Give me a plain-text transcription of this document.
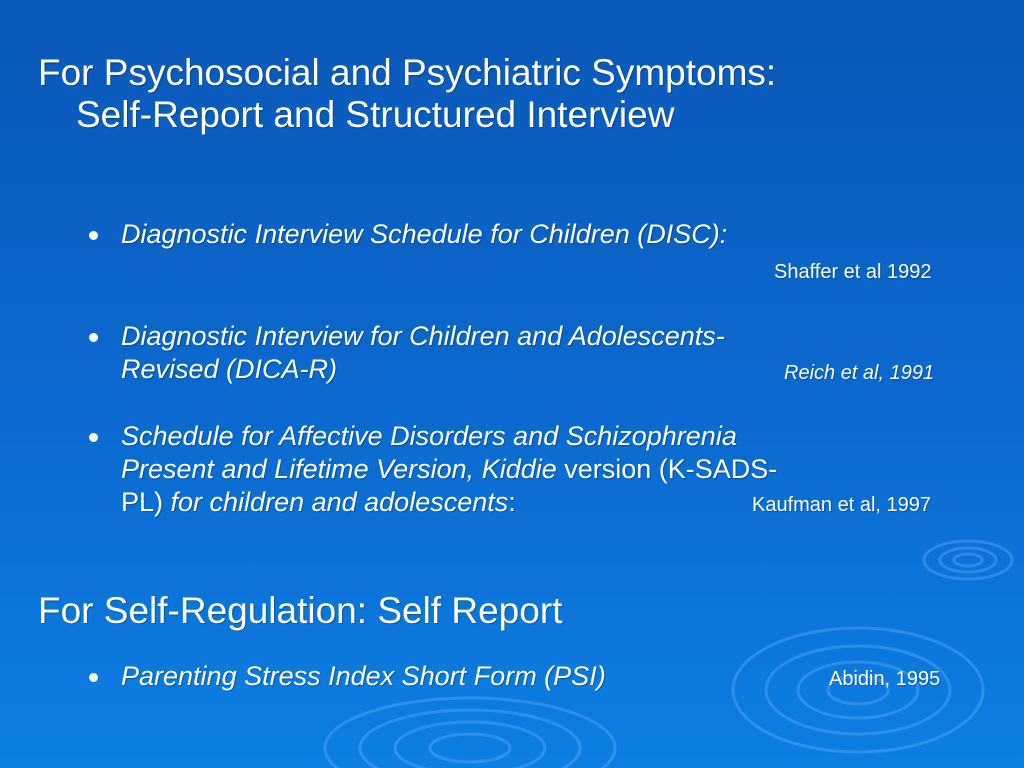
For Psychosocial and Psychiatric Symptoms:
Self-Report and Structured Interview
Diagnostic Interview Schedule for Children (DISC):
Shaffer et al 1992
Diagnostic Interview for Children and Adolescents-
Revised (DICA-R)	Reich et al, 1991
Schedule for Affective Disorders and Schizophrenia
Present and Lifetime Version, Kiddie version (K-SADS-
PL) for children and adolescents:	Kaufman et al, 1997
For Self-Regulation: Self Report
Parenting Stress Index Short Form (PSI)	Abidin, 1995
